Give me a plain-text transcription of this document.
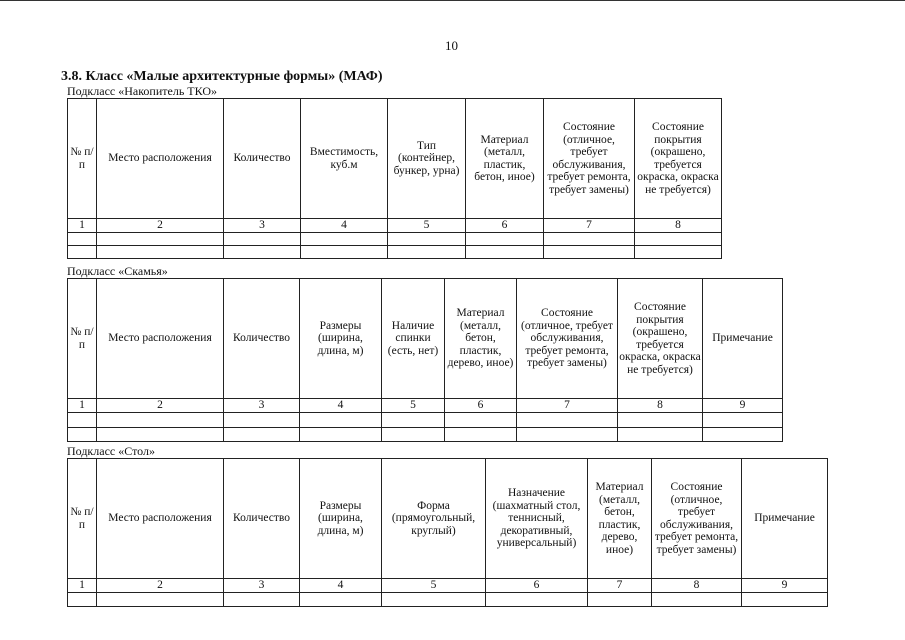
10
3.8. Класс «Малые архитектурные формы» (МАФ)
Подкласс «Накопитель ТКО»
№ п/п	Место расположения	Количество	Вместимость, куб.м	Тип (контейнер, бункер, урна)	Материал (металл, пластик, бетон, иное)	Состояние (отличное, требует обслуживания, требует ремонта, требует замены)	Состояние покрытия (окрашено, требуется окраска, окраска не требуется)
1	2	3	4	5	6	7	8

Подкласс «Скамья»
№ п/п	Место расположения	Количество	Размеры (ширина, длина, м)	Наличие спинки (есть, нет)	Материал (металл, бетон, пластик, дерево, иное)	Состояние (отличное, требует обслуживания, требует ремонта, требует замены)	Состояние покрытия (окрашено, требуется окраска, окраска не требуется)	Примечание
1	2	3	4	5	6	7	8	9

Подкласс «Стол»
№ п/п	Место расположения	Количество	Размеры (ширина, длина, м)	Форма (прямоугольный, круглый)	Назначение (шахматный стол, теннисный, декоративный, универсальный)	Материал (металл, бетон, пластик, дерево, иное)	Состояние (отличное, требует обслуживания, требует ремонта, требует замены)	Примечание
1	2	3	4	5	6	7	8	9
